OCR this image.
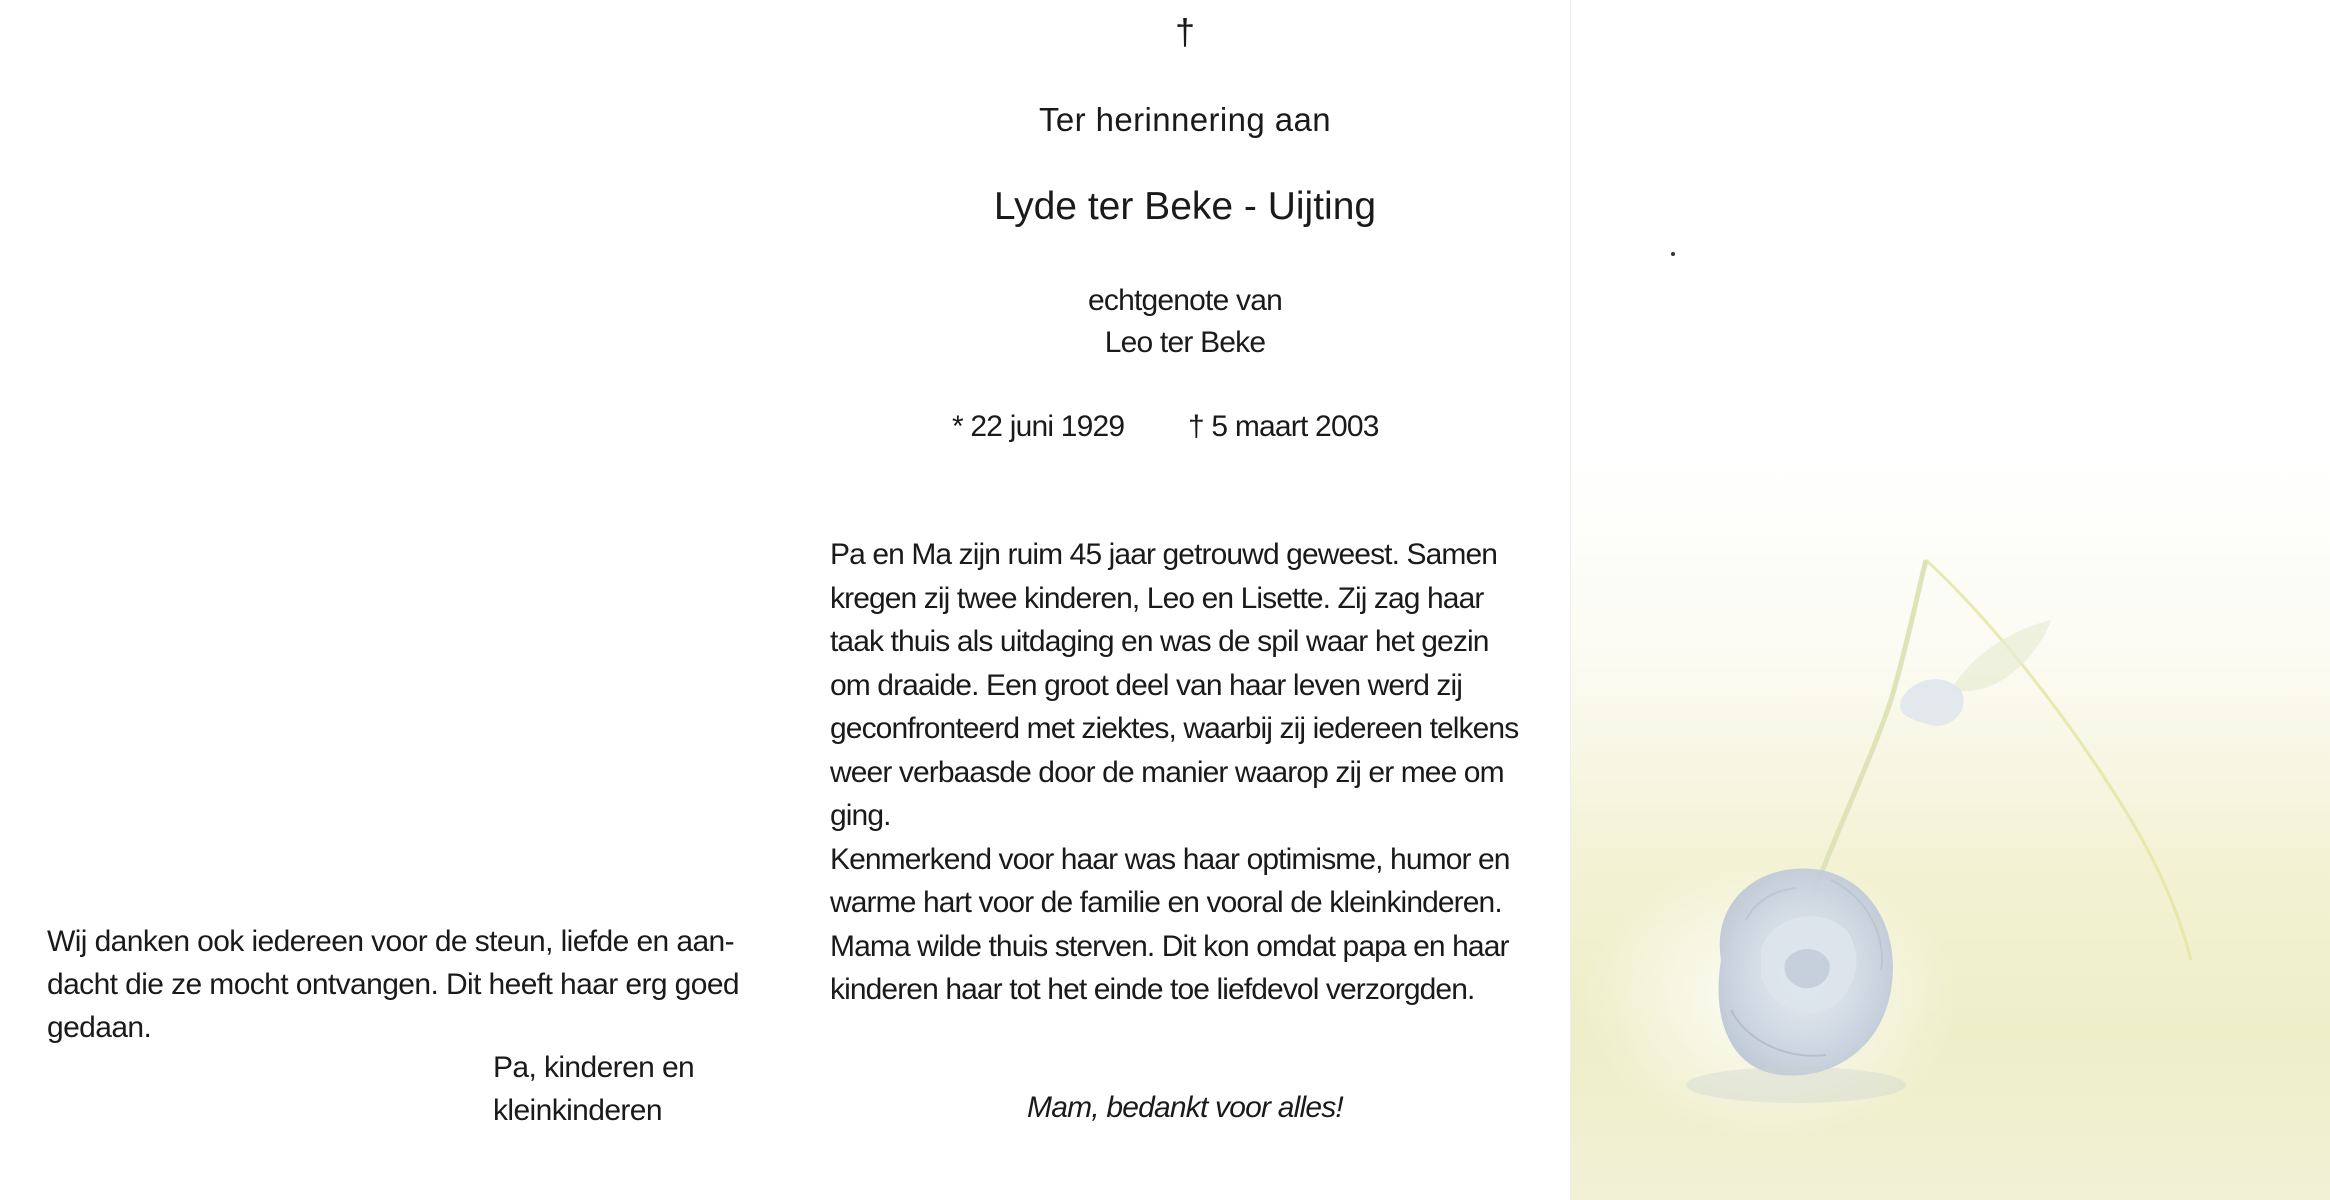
Wij danken ook iedereen voor de steun, liefde en aan-
dacht die ze mocht ontvangen. Dit heeft haar erg goed
gedaan.
Pa, kinderen en
kleinkinderen
†
Ter herinnering aan
Lyde ter Beke - Uijting
echtgenote van
Leo ter Beke
* 22 juni 1929 † 5 maart 2003
Pa en Ma zijn ruim 45 jaar getrouwd geweest. Samen
kregen zij twee kinderen, Leo en Lisette. Zij zag haar
taak thuis als uitdaging en was de spil waar het gezin
om draaide. Een groot deel van haar leven werd zij
geconfronteerd met ziektes, waarbij zij iedereen telkens
weer verbaasde door de manier waarop zij er mee om
ging.
Kenmerkend voor haar was haar optimisme, humor en
warme hart voor de familie en vooral de kleinkinderen.
Mama wilde thuis sterven. Dit kon omdat papa en haar
kinderen haar tot het einde toe liefdevol verzorgden.
Mam, bedankt voor alles!
